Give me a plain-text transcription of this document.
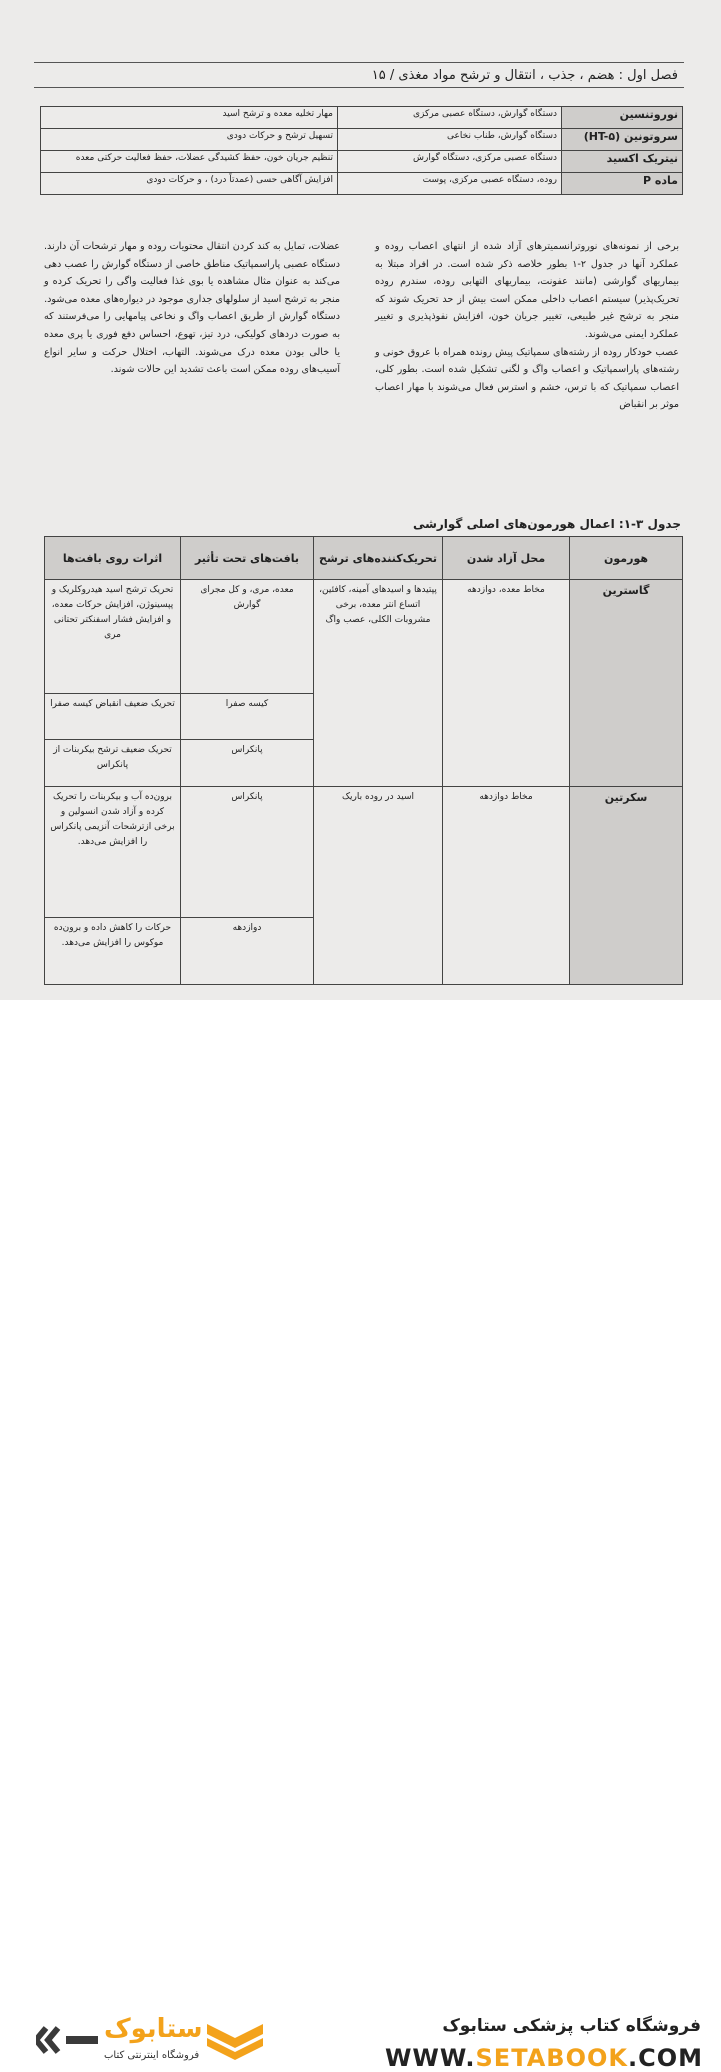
فصل اول : هضم ، جذب ، انتقال و ترشح مواد مغذی / ۱۵
نوروتنسین	دستگاه گوارش، دستگاه عصبی مرکزی	مهار تخلیه معده و ترشح اسید
سروتونین (HT-۵)	دستگاه گوارش، طناب نخاعی	تسهیل ترشح و حرکات دودی
نیتریک اکسید	دستگاه عصبی مرکزی، دستگاه گوارش	تنظیم جریان خون، حفظ کشیدگی عضلات، حفظ فعالیت حرکتی معده
ماده P	روده، دستگاه عصبی مرکزی، پوست	افزایش آگاهی حسی (عمدتاً درد) ، و حرکات دودی

برخی از نمونه‌های نوروترانسمیترهای آزاد شده از انتهای اعصاب روده و عملکرد آنها در جدول ۲-۱ بطور خلاصه ذکر شده است. در افراد مبتلا به بیماریهای گوارشی (مانند عفونت، بیماریهای التهابی روده، سندرم روده تحریک‌پذیر) سیستم اعصاب داخلی ممکن است بیش از حد تحریک شوند که منجر به ترشح غیر طبیعی، تغییر جریان خون، افزایش نفوذپذیری و تغییر عملکرد ایمنی می‌شوند.

عصب خودکار روده از رشته‌های سمپاتیک پیش رونده همراه با عروق خونی و رشته‌های پاراسمپاتیک و اعصاب واگ و لگنی تشکیل شده است. بطور کلی، اعصاب سمپاتیک که با ترس، خشم و استرس فعال می‌شوند با مهار اعصاب موثر بر انقباض

عضلات، تمایل به کند کردن انتقال محتویات روده و مهار ترشحات آن دارند. دستگاه عصبی پاراسمپاتیک مناطق خاصی از دستگاه گوارش را عصب دهی می‌کند به عنوان مثال مشاهده یا بوی غذا فعالیت واگی را تحریک کرده و منجر به ترشح اسید از سلولهای جداری موجود در دیواره‌های معده می‌شود.

دستگاه گوارش از طریق اعصاب واگ و نخاعی پیامهایی را می‌فرستند که به صورت دردهای کولیکی، درد تیز، تهوع، احساس دفع فوری یا پری معده یا خالی بودن معده درک می‌شوند. التهاب، اختلال حرکت و سایر انواع آسیب‌های روده ممکن است باعث تشدید این حالات شوند.

جدول ۳-۱: اعمال هورمون‌های اصلی گوارشی
هورمون	محل آزاد شدن	تحریک‌کننده‌های ترشح	بافت‌های تحت تأثیر	اثرات روی بافت‌ها
گاسترین	مخاط معده، دوازدهه	پپتیدها و اسیدهای آمینه، کافئین، اتساع انتر معده، برخی مشروبات الکلی، عصب واگ	معده، مری، و کل مجرای گوارش	تحریک ترشح اسید هیدروکلریک و پپسینوژن، افزایش حرکات معده، و افزایش فشار اسفنکتر تحتانی مری
			کیسه صفرا	تحریک ضعیف انقباض کیسه صفرا
			پانکراس	تحریک ضعیف ترشح بیکربنات از پانکراس
سکرتین	مخاط دوازدهه	اسید در روده باریک	پانکراس	برون‌ده آب و بیکربنات را تحریک کرده و آزاد شدن انسولین و برخی ازترشحات آنزیمی پانکراس را افزایش می‌دهد.
			دوازدهه	حرکات را کاهش داده و برون‌ده موکوس را افزایش می‌دهد.
ستابوک
فروشگاه اینترنتی کتاب
فروشگاه کتاب پزشکی ستابوک
WWW.SETABOOK.COM
